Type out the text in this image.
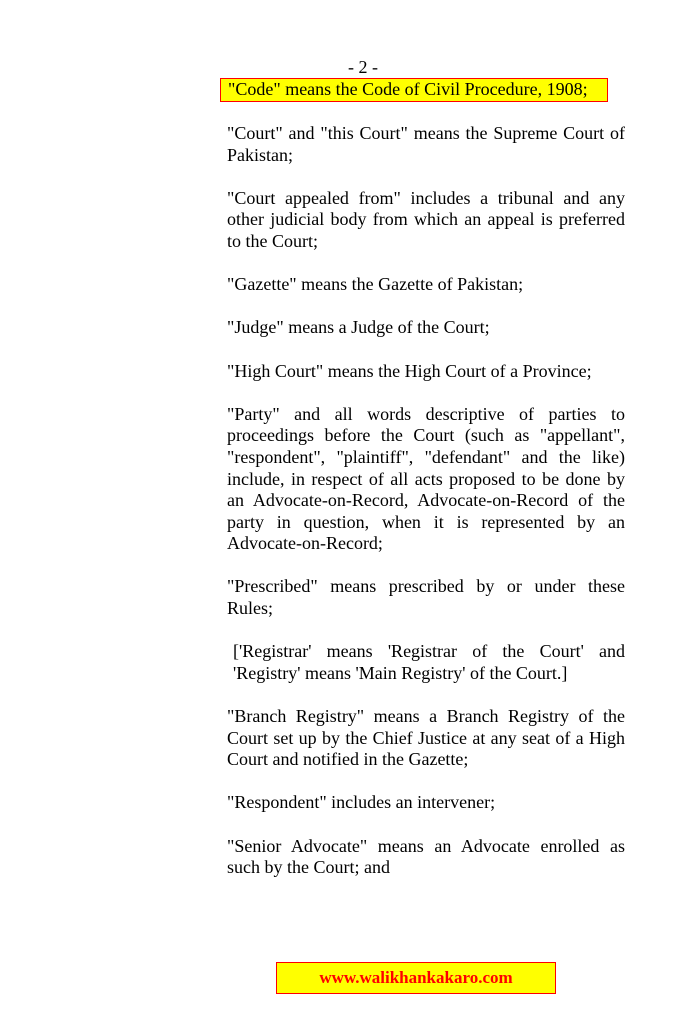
- 2 -
"Code" means the Code of Civil Procedure, 1908;

"Court" and "this Court" means the Supreme Court of Pakistan;

"Court appealed from" includes a tribunal and any other judicial body from which an appeal is preferred to the Court;

"Gazette" means the Gazette of Pakistan;

"Judge" means a Judge of the Court;

"High Court" means the High Court of a Province;

"Party" and all words descriptive of parties to proceedings before the Court (such as "appellant", "respondent", "plaintiff", "defendant" and the like) include, in respect of all acts proposed to be done by an Advocate-on-Record, Advocate-on-Record of the party in question, when it is represented by an Advocate-on-Record;

"Prescribed" means prescribed by or under these Rules;

['Registrar' means 'Registrar of the Court' and 'Registry' means 'Main Registry' of the Court.]

"Branch Registry" means a Branch Registry of the Court set up by the Chief Justice at any seat of a High Court and notified in the Gazette;

"Respondent" includes an intervener;

"Senior Advocate" means an Advocate enrolled as such by the Court; and

www.walikhankakaro.com
